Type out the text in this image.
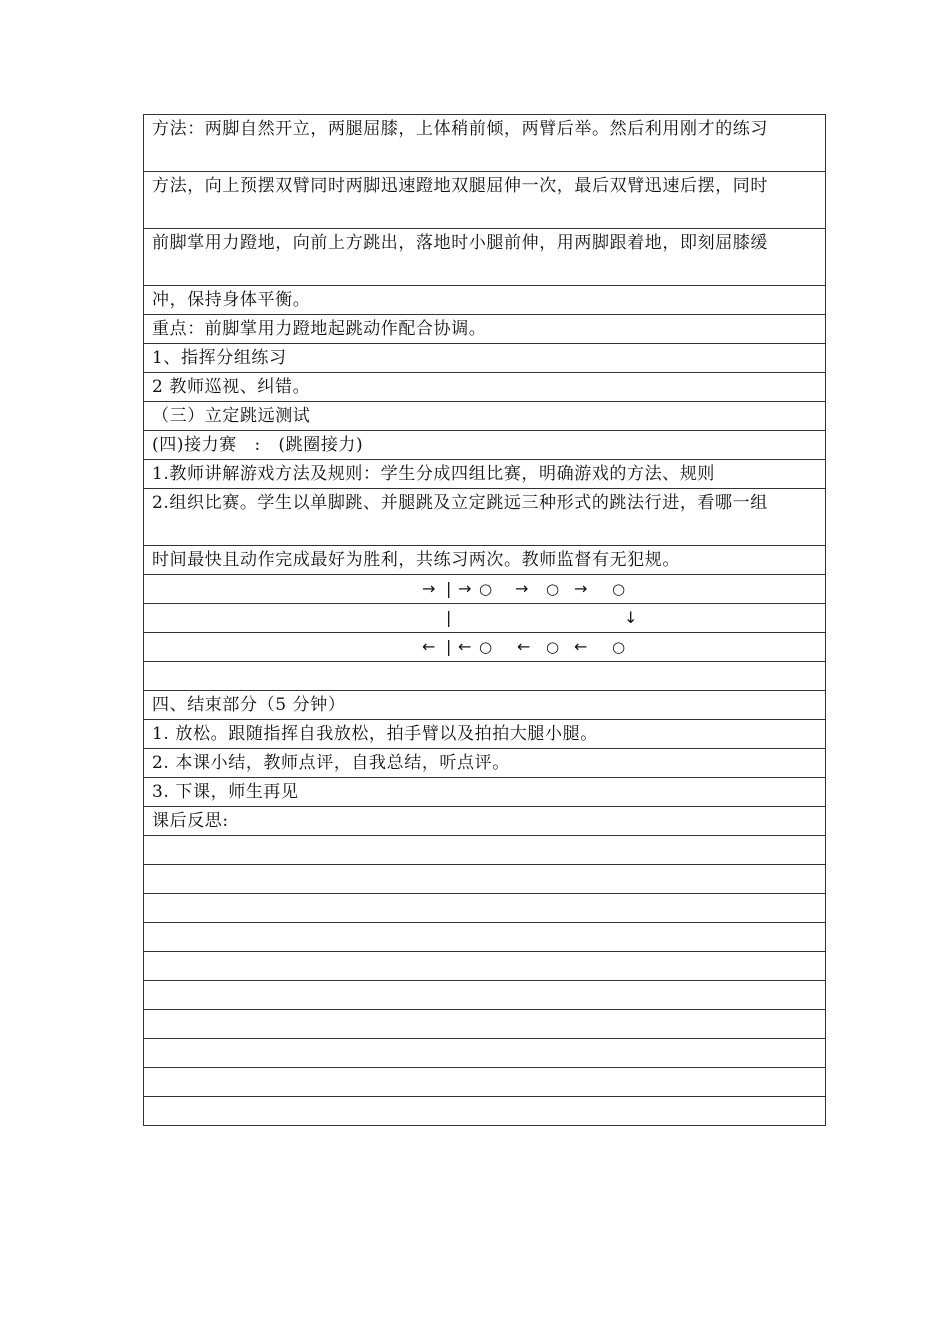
方法：两脚自然开立，两腿屈膝，上体稍前倾，两臂后举。然后利用刚才的练习
方法，向上预摆双臂同时两脚迅速蹬地双腿屈伸一次，最后双臂迅速后摆，同时
前脚掌用力蹬地，向前上方跳出，落地时小腿前伸，用两脚跟着地，即刻屈膝缓
冲，保持身体平衡。
重点：前脚掌用力蹬地起跳动作配合协调。
1、指挥分组练习
2 教师巡视、纠错。
（三）立定跳远测试
(四)接力赛　:　(跳圈接力)
1.教师讲解游戏方法及规则：学生分成四组比赛，明确游戏的方法、规则
2.组织比赛。学生以单脚跳、并腿跳及立定跳远三种形式的跳法行进，看哪一组
时间最快且动作完成最好为胜利，共练习两次。教师监督有无犯规。

→ | → ○ → ○ → ○

|	↓

← | ← ○ ← ○ ← ○

四、结束部分（5 分钟）
1. 放松。跟随指挥自我放松，拍手臂以及拍拍大腿小腿。
2. 本课小结，教师点评，自我总结，听点评。
3. 下课，师生再见
课后反思:
